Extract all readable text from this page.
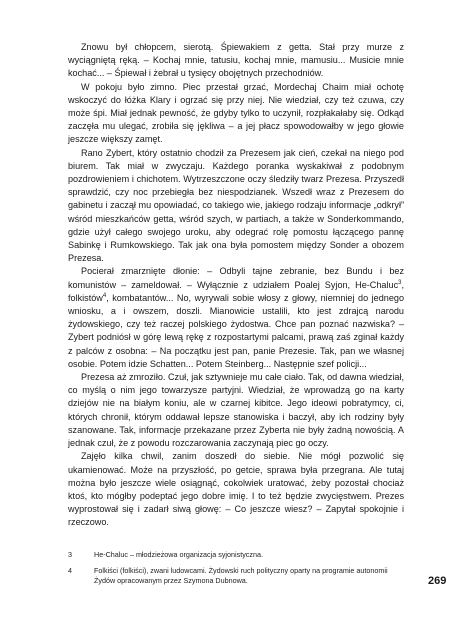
Znowu był chłopcem, sierotą. Śpiewakiem z getta. Stał przy murze z wyciągniętą ręką. – Kochaj mnie, tatusiu, kochaj mnie, mamusiu... Musicie mnie kochać... – Śpiewał i żebrał u tysięcy obojętnych przechodniów.

W pokoju było zimno. Piec przestał grzać, Mordechaj Chaim miał ochotę wskoczyć do łóżka Klary i ogrzać się przy niej. Nie wiedział, czy też czuwa, czy może śpi. Miał jednak pewność, że gdyby tylko to uczynił, rozpłakałaby się. Odkąd zaczęła mu ulegać, zrobiła się jękliwa – a jej płacz spowodowałby w jego głowie jeszcze większy zamęt.

Rano Zybert, który ostatnio chodził za Prezesem jak cień, czekał na niego pod biurem. Tak miał w zwyczaju. Każdego poranka wyskakiwał z podobnym pozdrowieniem i chichotem. Wytrzeszczone oczy śledziły twarz Prezesa. Przyszedł sprawdzić, czy noc przebiegła bez niespodzianek. Wszedł wraz z Prezesem do gabinetu i zaczął mu opowiadać, co takiego wie, jakiego rodzaju informacje „odkrył” wśród mieszkańców getta, wśród szych, w partiach, a także w Sonderkommando, gdzie użył całego swojego uroku, aby odegrać rolę pomostu łączącego pannę Sabinkę i Rumkowskiego. Tak jak ona była pomostem między Sonder a obozem Prezesa.

Pocierał zmarznięte dłonie: – Odbyli tajne zebranie, bez Bundu i bez komunistów – zameldował. – Wyłącznie z udziałem Poalej Syjon, He-Chaluc$^3$, folkistów$^4$, kombatantów... No, wyrywali sobie włosy z głowy, niemniej do jednego wniosku, a i owszem, doszli. Mianowicie ustalili, kto jest zdrajcą narodu żydowskiego, czy też raczej polskiego żydostwa. Chce pan poznać nazwiska? – Zybert podniósł w górę lewą rękę z rozpostartymi palcami, prawą zaś zginał każdy z palców z osobna: – Na początku jest pan, panie Prezesie. Tak, pan we własnej osobie. Potem idzie Schatten... Potem Steinberg... Następnie szef policji...

Prezesa aż zmroziło. Czuł, jak sztywnieje mu całe ciało. Tak, od dawna wiedział, co myślą o nim jego towarzysze partyjni. Wiedział, że wprowadzą go na karty dziejów nie na białym koniu, ale w czarnej kibitce. Jego ideowi pobratymcy, ci, których chronił, którym oddawał lepsze stanowiska i baczył, aby ich rodziny były szanowane. Tak, informacje przekazane przez Zyberta nie były żadną nowością. A jednak czuł, że z powodu rozczarowania zaczynają piec go oczy.

Zajęło kilka chwil, zanim doszedł do siebie. Nie mógł pozwolić się ukamienować. Może na przyszłość, po getcie, sprawa była przegrana. Ale tutaj można było jeszcze wiele osiągnąć, cokolwiek uratować, żeby pozostał chociaż ktoś, kto mógłby podeptać jego dobre imię. I to też będzie zwycięstwem. Prezes wyprostował się i zadarł siwą głowę: – Co jeszcze wiesz? – Zapytał spokojnie i rzeczowo.

3	He-Chaluc – młodzieżowa organizacja syjonistyczna.
4	Folkiści (folkiści), zwani ludowcami. Żydowski ruch polityczny oparty na programie autonomii Żydów opracowanym przez Szymona Dubnowa.	269
